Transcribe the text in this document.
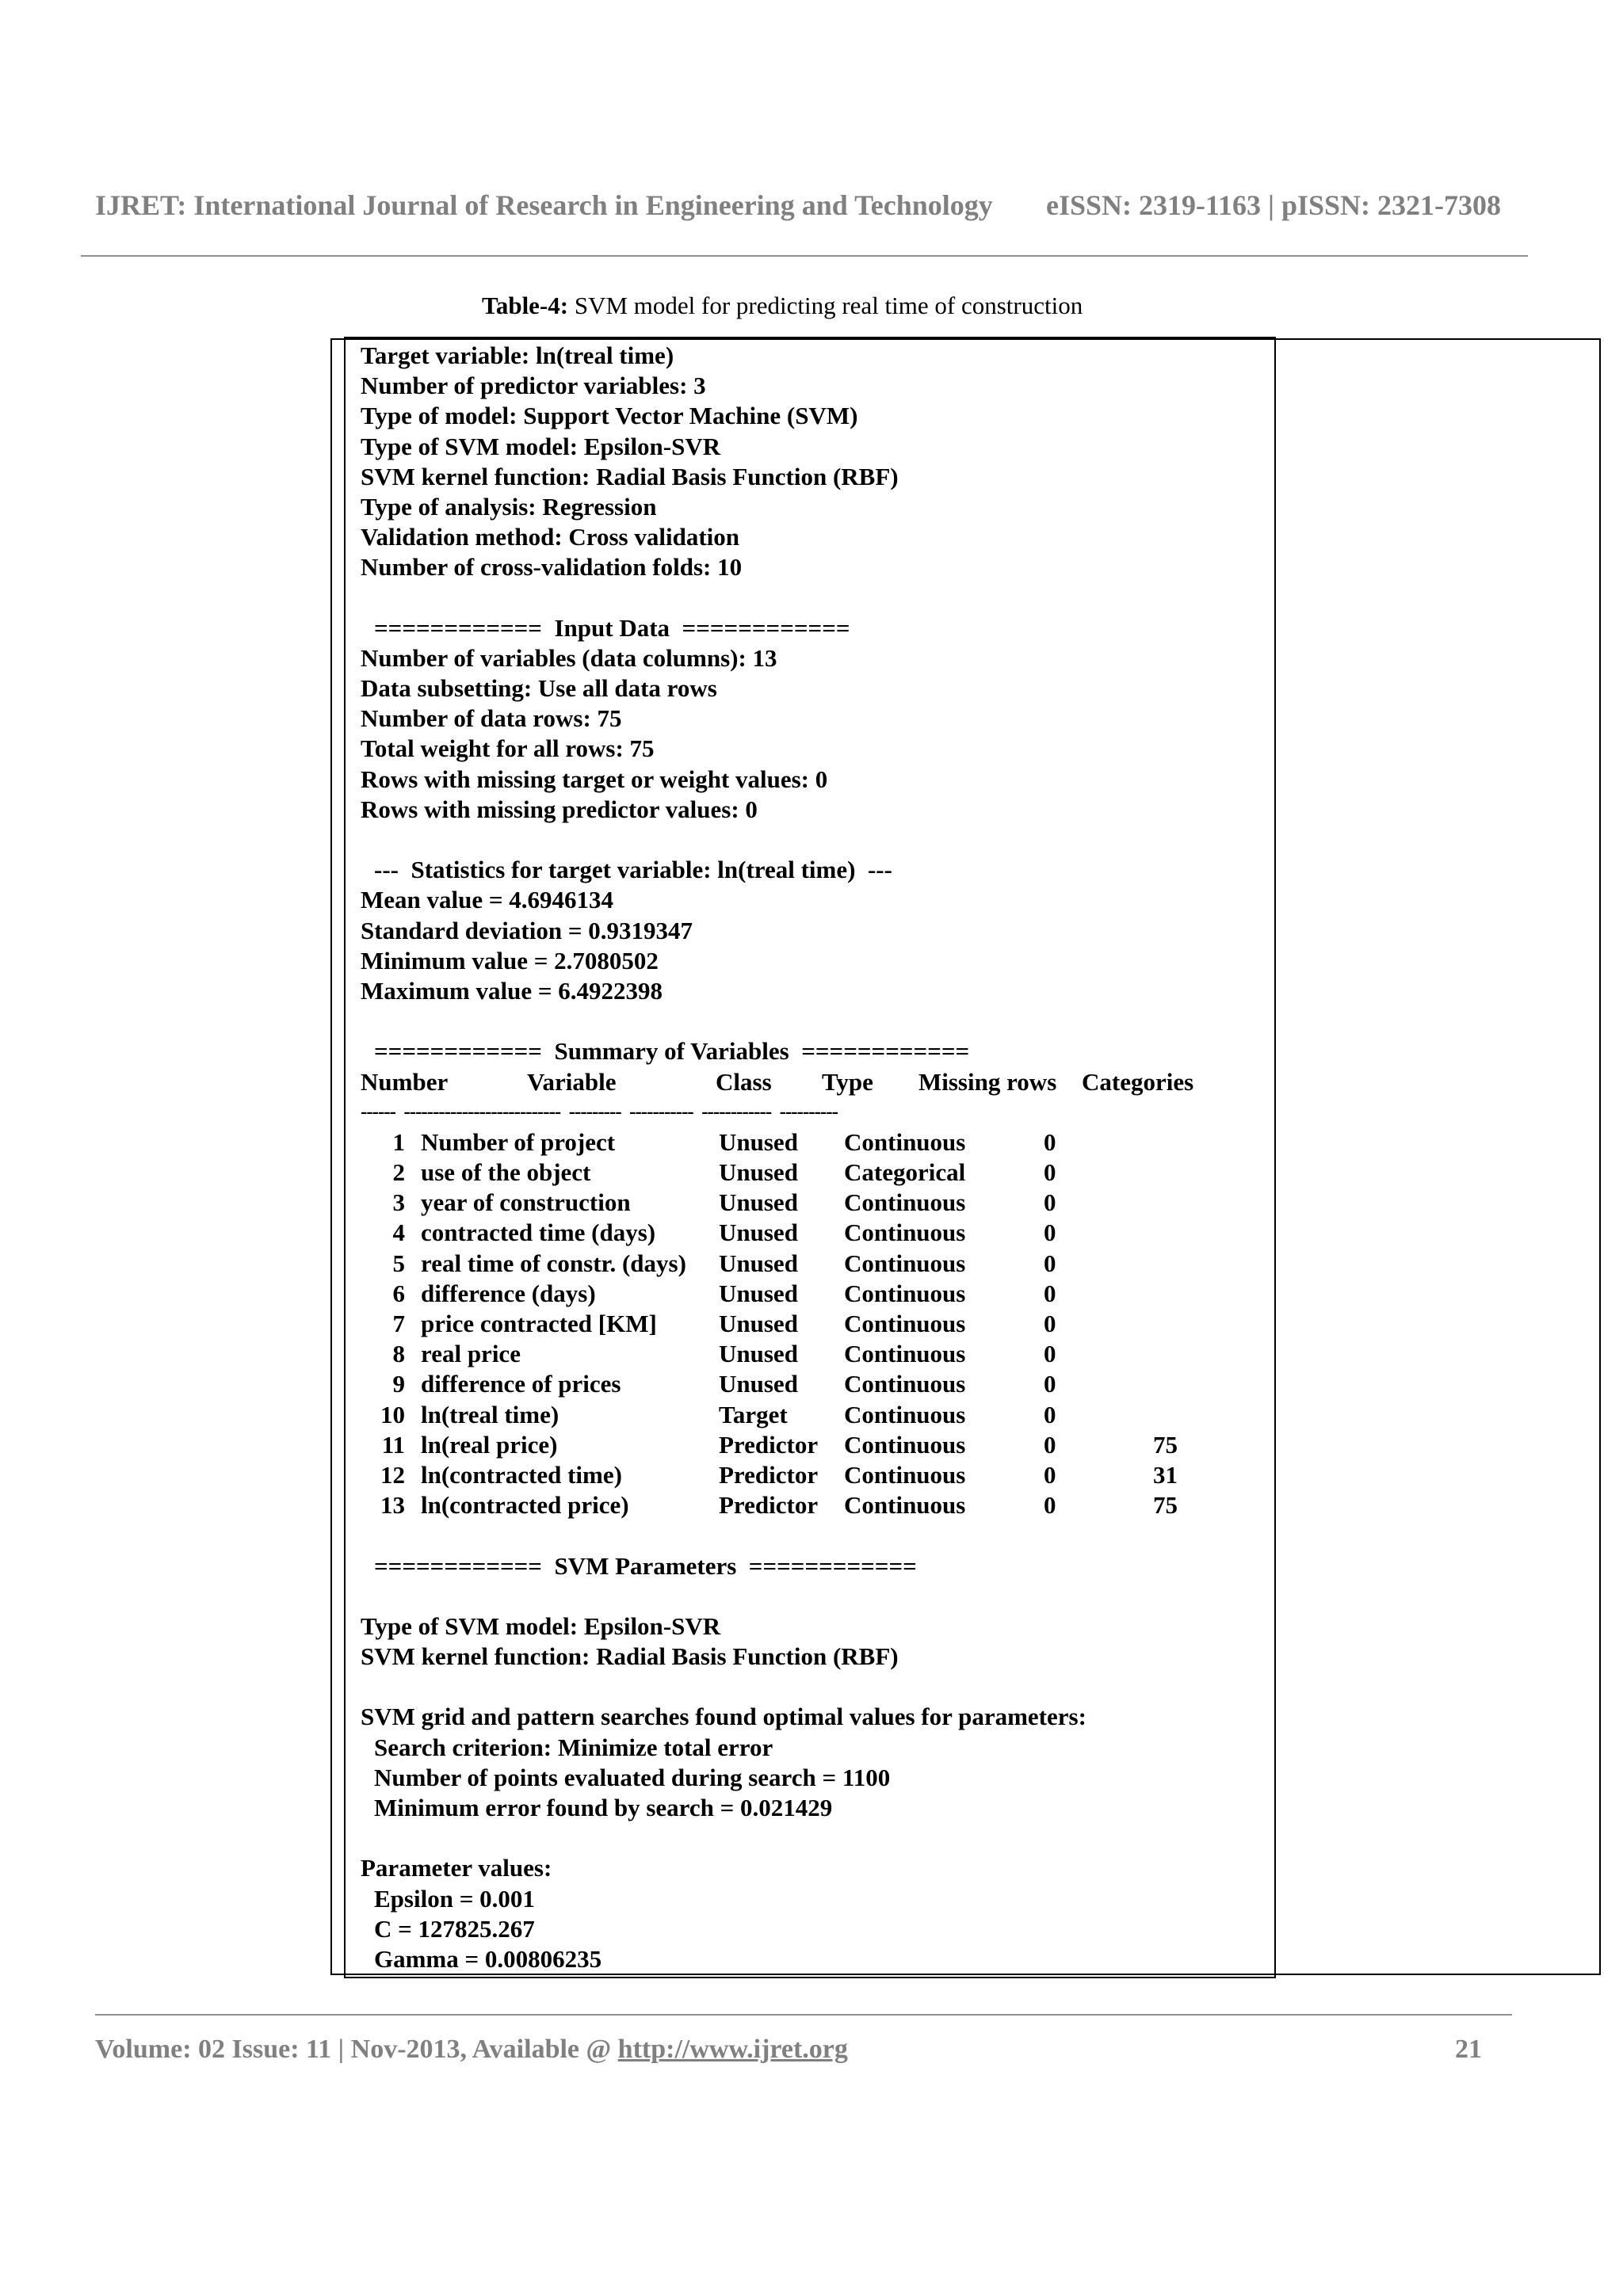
IJRET: International Journal of Research in Engineering and Technology eISSN: 2319-1163 | pISSN: 2321-7308
Table-4: SVM model for predicting real time of construction
Target variable: ln(treal time)
Number of predictor variables: 3
Type of model: Support Vector Machine (SVM)
Type of SVM model: Epsilon-SVR
SVM kernel function: Radial Basis Function (RBF)
Type of analysis: Regression
Validation method: Cross validation
Number of cross-validation folds: 10
============  Input Data  ============
Number of variables (data columns): 13
Data subsetting: Use all data rows
Number of data rows: 75
Total weight for all rows: 75
Rows with missing target or weight values: 0
Rows with missing predictor values: 0
---  Statistics for target variable: ln(treal time)  ---
Mean value = 4.6946134
Standard deviation = 0.9319347
Minimum value = 2.7080502
Maximum value = 6.4922398
============  Summary of Variables  ============
Number	Variable	Class Type Missing rows Categories
------  ---------------------------  ---------  -----------  ------------  ----------
1 Number of project	Unused Continuous	0
2 use of the object	Unused Categorical	0
3 year of construction	Unused Continuous	0
4 contracted time (days)	Unused Continuous	0
5 real time of constr. (days) Unused Continuous	0
6 difference (days)	Unused Continuous	0
7 price contracted [KM]	Unused Continuous	0
8 real price	Unused Continuous	0
9 difference of prices	Unused Continuous	0
10 ln(treal time)	Target Continuous	0
11 ln(real price)	Predictor Continuous	0	75
12 ln(contracted time)	Predictor Continuous	0	31
13 ln(contracted price)	Predictor Continuous	0	75
============  SVM Parameters  ============
Type of SVM model: Epsilon-SVR
SVM kernel function: Radial Basis Function (RBF)
SVM grid and pattern searches found optimal values for parameters:
Search criterion: Minimize total error
Number of points evaluated during search = 1100
Minimum error found by search = 0.021429
Parameter values:
Epsilon = 0.001
C = 127825.267
Gamma = 0.00806235
Volume: 02 Issue: 11 | Nov-2013, Available @ http://www.ijret.org	21
